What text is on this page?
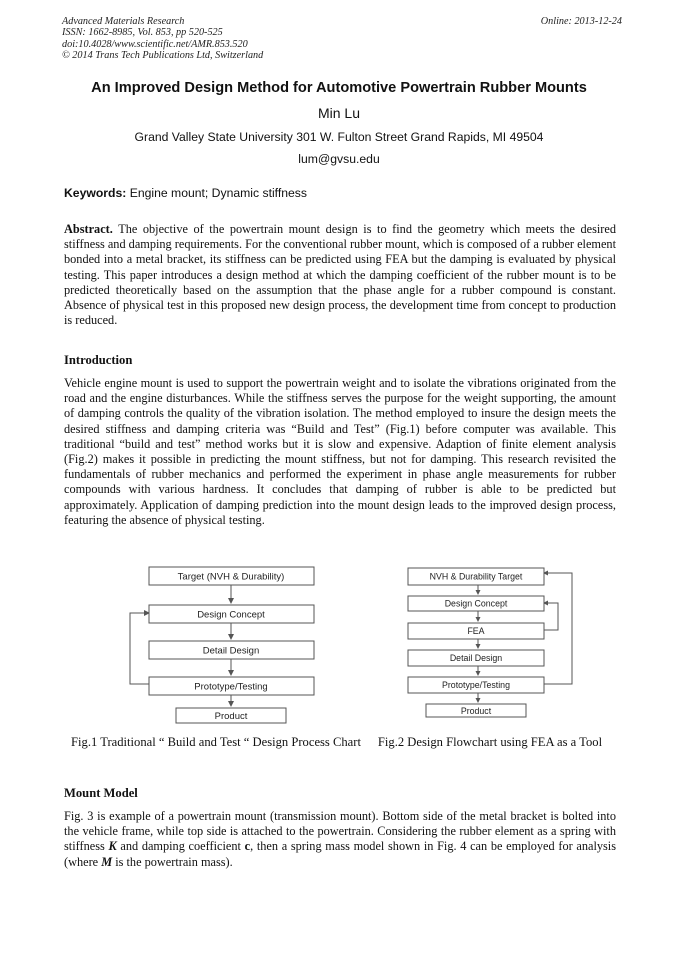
Advanced Materials Research
ISSN: 1662-8985, Vol. 853, pp 520-525
doi:10.4028/www.scientific.net/AMR.853.520
© 2014 Trans Tech Publications Ltd, Switzerland
Online: 2013-12-24
An Improved Design Method for Automotive Powertrain Rubber Mounts
Min Lu
Grand Valley State University 301 W. Fulton Street Grand Rapids, MI 49504
lum@gvsu.edu
Keywords: Engine mount; Dynamic stiffness
Abstract. The objective of the powertrain mount design is to find the geometry which meets the desired stiffness and damping requirements. For the conventional rubber mount, which is composed of a rubber element bonded into a metal bracket, its stiffness can be predicted using FEA but the damping is evaluated by physical testing. This paper introduces a design method at which the damping coefficient of the rubber mount is to be predicted theoretically based on the assumption that the phase angle for a rubber compound is constant. Absence of physical test in this proposed new design process, the development time from concept to production is reduced.
Introduction
Vehicle engine mount is used to support the powertrain weight and to isolate the vibrations originated from the road and the engine disturbances. While the stiffness serves the purpose for the weight supporting, the amount of damping controls the quality of the vibration isolation. The method employed to insure the design meets the desired stiffness and damping criteria was “Build and Test” (Fig.1) before computer was available. This traditional “build and test” method works but it is slow and expensive. Adaption of finite element analysis (Fig.2) makes it possible in predicting the mount stiffness, but not for damping. This research revisited the fundamentals of rubber mechanics and performed the experiment in phase angle measurements for rubber compounds with various hardness. It concludes that damping of rubber is able to be predicted but approximately. Application of damping prediction into the mount design leads to the improved design process, featuring the absence of physical testing.
Target (NVH & Durability)
Design Concept
Detail Design
Prototype/Testing
Product
Fig.1 Traditional “ Build and Test “ Design Process Chart
NVH & Durability Target
Design Concept
FEA
Detail Design
Prototype/Testing
Product
Fig.2 Design Flowchart using FEA as a Tool
Mount Model
Fig. 3 is example of a powertrain mount (transmission mount). Bottom side of the metal bracket is bolted into the vehicle frame, while top side is attached to the powertrain. Considering the rubber element as a spring with stiffness K and damping coefficient c, then a spring mass model shown in Fig. 4 can be employed for analysis (where M is the powertrain mass).
